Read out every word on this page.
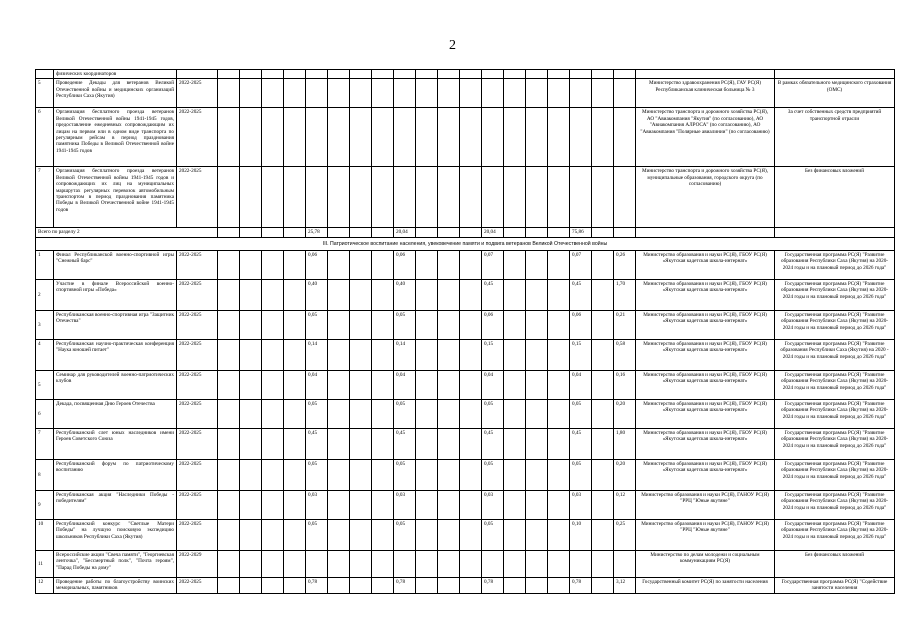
2
	физических координаторов																						
5	Проведение Декады для ветеранов Великой Отечественной войны и медицинских организаций Республики Саха (Якутия)	2022-2025																				Министерство здравоохранения РС(Я), ГАУ РС(Я) Республиканская клиническая больница № 3	В рамках обязательного медицинского страхования (ОМС)
6	Организация бесплатного проезда ветеранов Великой Отечественной войны 1941-1945 годов, предоставление ежедневных сопровождающим их лицам на первом или в одном виде транспорта по регулярным рейсам в период празднования памятника Победы в Великой Отечественной войне 1941-1945 годов	2022-2025																				Министерство транспорта и дорожного хозяйства РС(Я), АО "Авиакомпания "Якутия" (по согласованию), АО "Авиакомпания АЛРОСА" (по согласованию), АО "Авиакомпания "Полярные авиалинии" (по согласованию)	За счет собственных средств предприятий транспортной отрасли
7	Организация бесплатного проезда ветеранов Великой Отечественной войны 1941-1945 годов и сопровождающих их лиц на муниципальных маршрутах регулярных перевозок автомобильным транспортом в период празднования памятника Победы в Великой Отечественной войне 1941-1945 годов	2022-2025																				Министерство транспорта и дорожного хозяйства РС(Я), муниципальные образования, городского округа (по согласованию)	Без финансовых вложений
Всего по разделу 2							25,78				20,04				20,04				75,86				
III. Патриотическое воспитание населения, увековечение памяти и подвига ветеранов Великой Отечественной войны																							
1	Финал Республиканской военно-спортивной игры "Снежный барс"	2022-2025					0,06				0,06				0,07				0,07		0,26	Министерство образования и науки РС(Я), ГБОУ РС(Я) «Якутская кадетская школа-интернат»	Государственная программа РС(Я) "Развитие образования Республики Саха (Якутия) на 2020-2024 годы и на плановый период до 2026 года"
2	Участие в финале Всероссийской военно-спортивной игры «Победа»	2022-2025					0,40				0,40				0,45				0,45		1,70	Министерство образования и науки РС(Я), ГБОУ РС(Я) «Якутская кадетская школа-интернат»	Государственная программа РС(Я) "Развитие образования Республики Саха (Якутия) на 2020-2024 годы и на плановый период до 2026 года"
3	Республиканская военно-спортивная игра "Защитник Отечества"	2022-2025					0,05				0,05				0,06				0,06		0,21	Министерство образования и науки РС(Я), ГБОУ РС(Я) «Якутская кадетская школа-интернат»	Государственная программа РС(Я) "Развитие образования Республики Саха (Якутия) на 2020-2024 годы и на плановый период до 2026 года"
4	Республиканская научно-практическая конференция "Наука юношей питает"	2022-2025					0,14				0,14				0,15				0,15		0,58	Министерство образования и науки РС(Я), ГБОУ РС(Я) «Якутская кадетская школа-интернат»	Государственная программа РС(Я) "Развитие образования Республики Саха (Якутия) на 2020 - 2024 годы и на плановый период до 2026 года"
5	Семинар для руководителей военно-патриотических клубов	2022-2025					0,04				0,04				0,04				0,04		0,16	Министерство образования и науки РС(Я), ГБОУ РС(Я) «Якутская кадетская школа-интернат»	Государственная программа РС(Я) "Развитие образования Республики Саха (Якутия) на 2020-2024 годы и на плановый период до 2026 года"
6	Декада, посвященная Дню Героев Отечества	2022-2025					0,05				0,05				0,05				0,05		0,20	Министерство образования и науки РС(Я), ГБОУ РС(Я) «Якутская кадетская школа-интернат»	Государственная программа РС(Я) "Развитие образования Республики Саха (Якутия) на 2020-2024 годы и на плановый период до 2026 года"
7	Республиканский слет юных наследников имени Героев Советского Союза	2022-2025					0,45				0,45				0,45				0,45		1,80	Министерство образования и науки РС(Я), ГБОУ РС(Я) «Якутская кадетская школа-интернат»	Государственная программа РС(Я) "Развитие образования Республики Саха (Якутия) на 2020-2024 годы и на плановый период до 2026 года"
8	Республиканский форум по патриотическому воспитанию	2022-2025					0,05				0,05				0,05				0,05		0,20	Министерство образования и науки РС(Я), ГБОУ РС(Я) «Якутская кадетская школа-интернат»	Государственная программа РС(Я) "Развитие образования Республики Саха (Якутия) на 2020-2024 годы и на плановый период до 2026 года"
9	Республиканская акция "Наследники Победы - победителям"	2022-2025					0,03				0,03				0,03				0,03		0,12	Министерство образования и науки РС(Я), ГАНОУ РС(Я) "РРЦ "Юные якутяне"	Государственная программа РС(Я) "Развитие образования Республики Саха (Якутия) на 2020-2024 годы и на плановый период до 2026 года"
10	Республиканский конкурс "Светлые Матери Победы" на лучшую поисковую экспедицию школьников Республики Саха (Якутия)	2022-2025					0,05				0,05				0,05				0,10		0,25	Министерство образования и науки РС(Я), ГАНОУ РС(Я) "РРЦ "Юные якутяне"	Государственная программа РС(Я) "Развитие образования Республики Саха (Якутия) на 2020-2024 годы и на плановый период до 2026 года"
11	Всероссийские акции "Свеча памяти", "Георгиевская ленточка", "Бессмертный полк", "Почта героям", "Парад Победы на дому"	2022-2029																				Министерство по делам молодежи и социальным коммуникациям РС(Я)	Без финансовых вложений
12	Проведение работы по благоустройству воинских мемориальных, памятников	2022-2025					0,78				0,78				0,78				0,78		3,12	Государственный комитет РС(Я) по занятости населения	Государственная программа РС(Я) "Содействие занятости населения
